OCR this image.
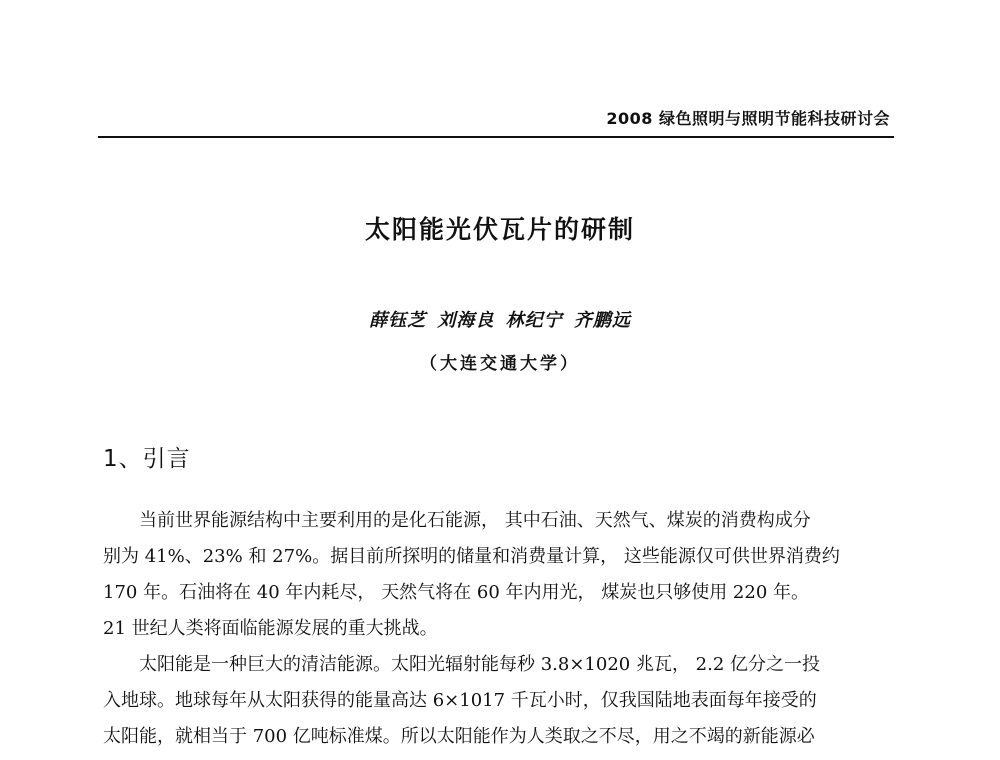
2008 绿色照明与照明节能科技研讨会
太阳能光伏瓦片的研制
薛钰芝 刘海良 林纪宁 齐鹏远
（大连交通大学）
1、引言

当前世界能源结构中主要利用的是化石能源， 其中石油、天然气、煤炭的消费构成分
别为 41%、23% 和 27%。据目前所探明的储量和消费量计算， 这些能源仅可供世界消费约
170 年。石油将在 40 年内耗尽， 天然气将在 60 年内用光， 煤炭也只够使用 220 年。
21 世纪人类将面临能源发展的重大挑战。

太阳能是一种巨大的清洁能源。太阳光辐射能每秒 3.8×1020 兆瓦， 2.2 亿分之一投
入地球。地球每年从太阳获得的能量高达 6×1017 千瓦小时，仅我国陆地表面每年接受的
太阳能，就相当于 700 亿吨标准煤。所以太阳能作为人类取之不尽，用之不竭的新能源必
